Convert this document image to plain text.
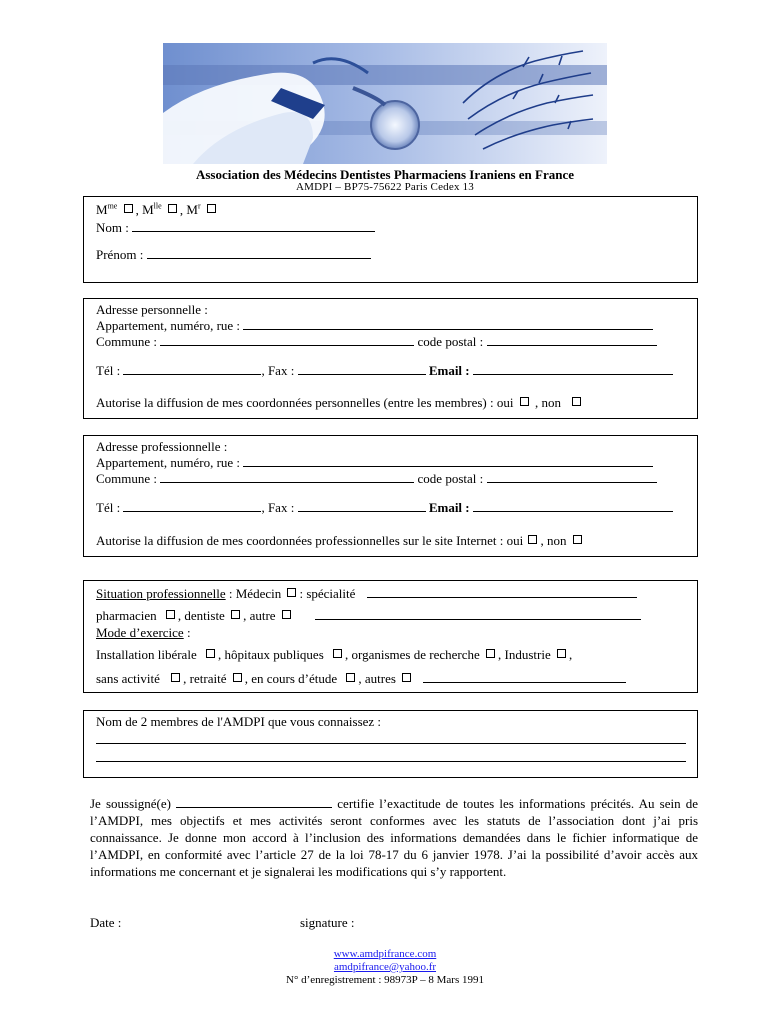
Association des Médecins Dentistes Pharmaciens Iraniens en France
AMDPI – BP75-75622 Paris Cedex 13
$M^{me}$ , $M^{lle}$ , $M^r$
Nom :
Prénom :
Adresse personnelle :
Appartement, numéro, rue :
Commune :	code postal :
Tél :	, Fax :	Email :
Autorise la diffusion de mes coordonnées personnelles (entre les membres) : oui , non
Adresse professionnelle :
Appartement, numéro, rue :
Commune :	code postal :
Tél :	, Fax :	Email :
Autorise la diffusion de mes coordonnées professionnelles sur le site Internet : oui , non
Situation professionnelle : Médecin : spécialité
pharmacien , dentiste , autre
Mode d’exercice :
Installation libérale , hôpitaux publiques , organismes de recherche , Industrie ,
sans activité , retraité , en cours d’étude , autres
Nom de 2 membres de l'AMDPI que vous connaissez :
Je soussigné(e)	certifie l’exactitude de toutes les informations précités. Au sein de l’AMDPI, mes objectifs et mes activités seront conformes avec les statuts de l’association dont j’ai pris connaissance. Je donne mon accord à l’inclusion des informations demandées dans le fichier informatique de l’AMDPI, en conformité avec l’article 27 de la loi 78-17 du 6 janvier 1978. J’ai la possibilité d’avoir accès aux informations me concernant et je signalerai les modifications qui s’y rapportent.
Date :	signature :
www.amdpifrance.com
amdpifrance@yahoo.fr
N° d’enregistrement : 98973P – 8 Mars 1991
